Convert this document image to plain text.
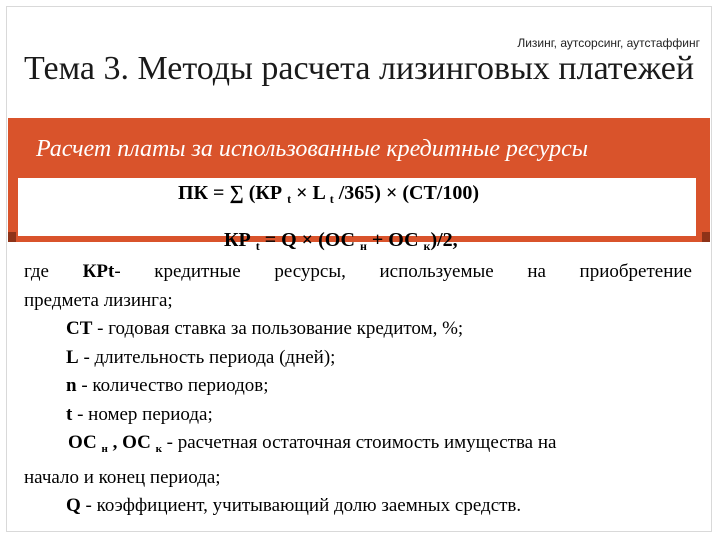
Лизинг, аутсорсинг, аутстаффинг
Тема 3. Методы расчета лизинговых платежей
Расчет платы за использованные кредитные ресурсы
ПК = ∑ (КР $_t$ × L $_t$ /365) × (СТ/100)
КР $_t$ = Q × (ОС $_н$ + ОС $_к$)/2,

где КРt- кредитные ресурсы, используемые на приобретение

предмета лизинга;

СТ - годовая ставка за пользование кредитом, %;

L - длительность периода (дней);

n - количество периодов;

t - номер периода;

ОС $_н$ , ОС $_к$ - расчетная остаточная стоимость имущества на

начало и конец периода;

Q - коэффициент, учитывающий долю заемных средств.
